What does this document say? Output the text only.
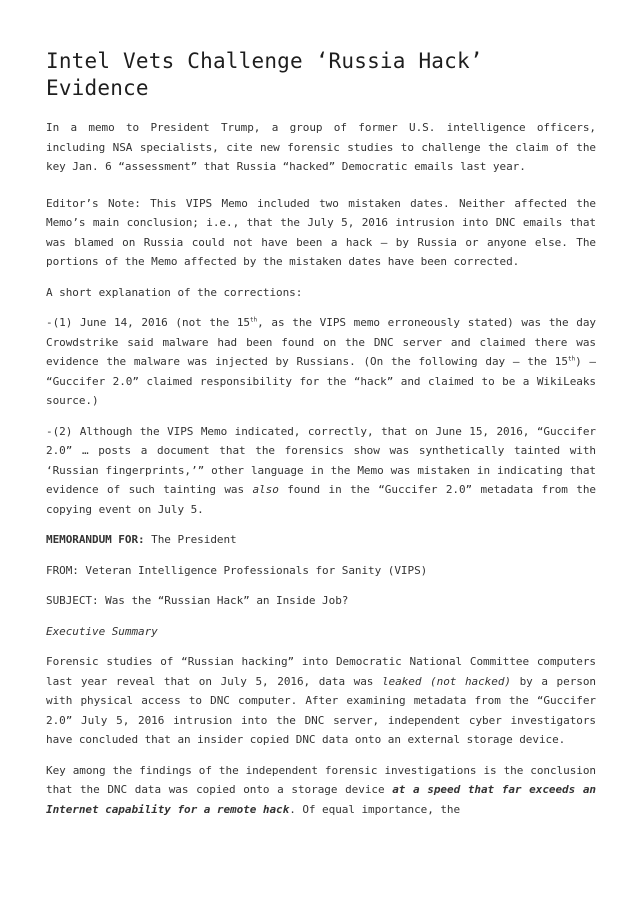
Intel Vets Challenge ‘Russia Hack’ Evidence

In a memo to President Trump, a group of former U.S. intelligence officers, including NSA specialists, cite new forensic studies to challenge the claim of the key Jan. 6 “assessment” that Russia “hacked” Democratic emails last year.

Editor’s Note: This VIPS Memo included two mistaken dates. Neither affected the Memo’s main conclusion; i.e., that the July 5, 2016 intrusion into DNC emails that was blamed on Russia could not have been a hack — by Russia or anyone else. The portions of the Memo affected by the mistaken dates have been corrected.

A short explanation of the corrections:

-(1) June 14, 2016 (not the 15th, as the VIPS memo erroneously stated) was the day Crowdstrike said malware had been found on the DNC server and claimed there was evidence the malware was injected by Russians. (On the following day — the 15th) — “Guccifer 2.0” claimed responsibility for the “hack” and claimed to be a WikiLeaks source.)

-(2) Although the VIPS Memo indicated, correctly, that on June 15, 2016, “Guccifer 2.0” … posts a document that the forensics show was synthetically tainted with ‘Russian fingerprints,’” other language in the Memo was mistaken in indicating that evidence of such tainting was also found in the “Guccifer 2.0” metadata from the copying event on July 5.

MEMORANDUM FOR: The President

FROM: Veteran Intelligence Professionals for Sanity (VIPS)

SUBJECT: Was the “Russian Hack” an Inside Job?

Executive Summary

Forensic studies of “Russian hacking” into Democratic National Committee computers last year reveal that on July 5, 2016, data was leaked (not hacked) by a person with physical access to DNC computer. After examining metadata from the “Guccifer 2.0” July 5, 2016 intrusion into the DNC server, independent cyber investigators have concluded that an insider copied DNC data onto an external storage device.

Key among the findings of the independent forensic investigations is the conclusion that the DNC data was copied onto a storage device at a speed that far exceeds an Internet capability for a remote hack. Of equal importance, the
